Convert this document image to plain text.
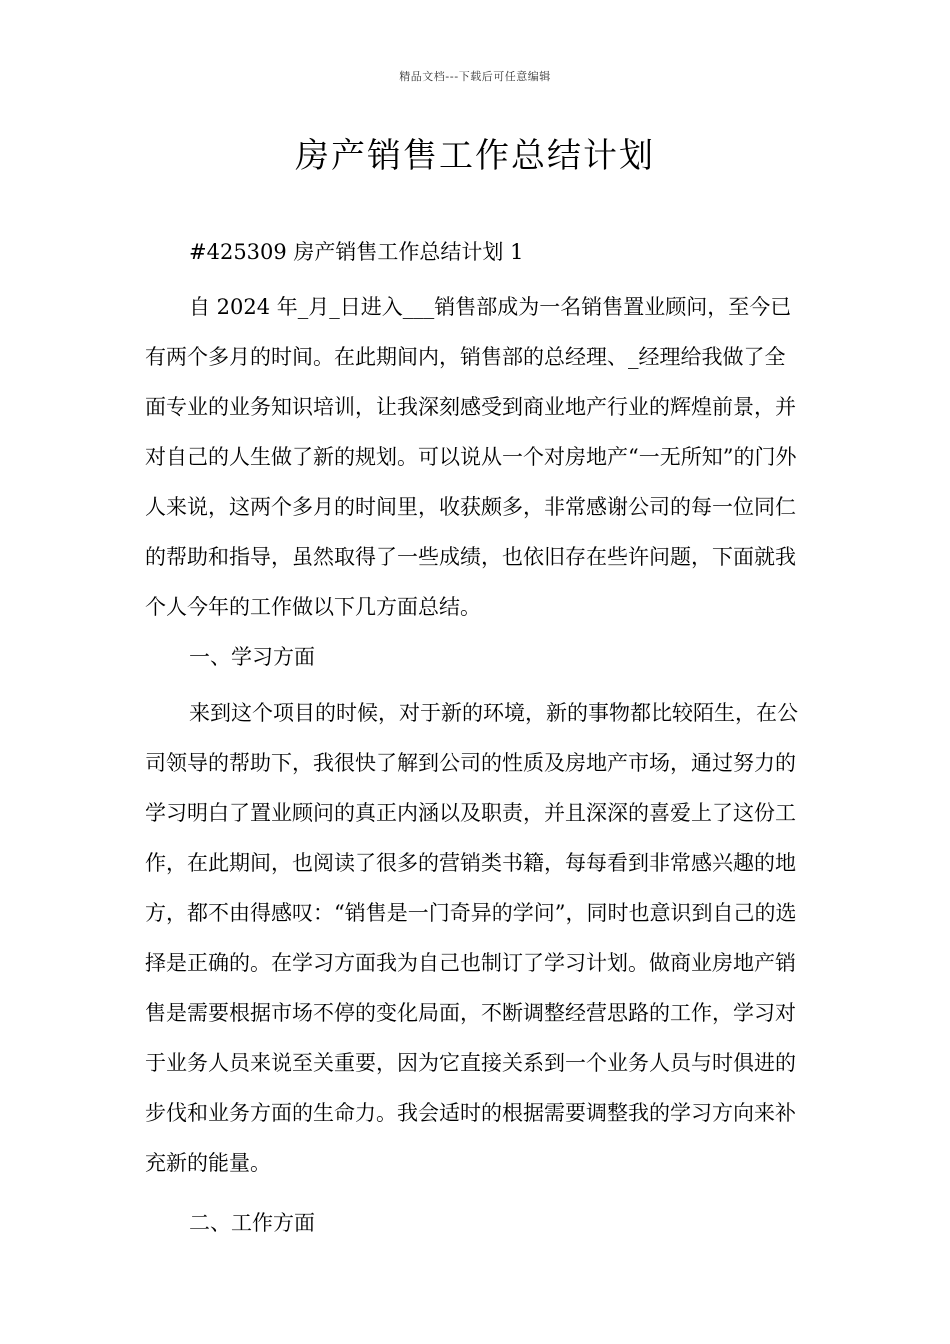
精品文档---下载后可任意编辑
房产销售工作总结计划

#425309 房产销售工作总结计划 1

自 2024 年_月_日进入___销售部成为一名销售置业顾问，至今已有两个多月的时间。在此期间内，销售部的总经理、_经理给我做了全面专业的业务知识培训，让我深刻感受到商业地产行业的辉煌前景，并对自己的人生做了新的规划。可以说从一个对房地产“一无所知”的门外人来说，这两个多月的时间里，收获颇多，非常感谢公司的每一位同仁的帮助和指导，虽然取得了一些成绩，也依旧存在些许问题，下面就我个人今年的工作做以下几方面总结。

一、学习方面

来到这个项目的时候，对于新的环境，新的事物都比较陌生，在公司领导的帮助下，我很快了解到公司的性质及房地产市场，通过努力的学习明白了置业顾问的真正内涵以及职责，并且深深的喜爱上了这份工作，在此期间，也阅读了很多的营销类书籍，每每看到非常感兴趣的地方，都不由得感叹：“销售是一门奇异的学问”，同时也意识到自己的选择是正确的。在学习方面我为自己也制订了学习计划。做商业房地产销售是需要根据市场不停的变化局面，不断调整经营思路的工作，学习对于业务人员来说至关重要，因为它直接关系到一个业务人员与时俱进的步伐和业务方面的生命力。我会适时的根据需要调整我的学习方向来补充新的能量。

二、工作方面
